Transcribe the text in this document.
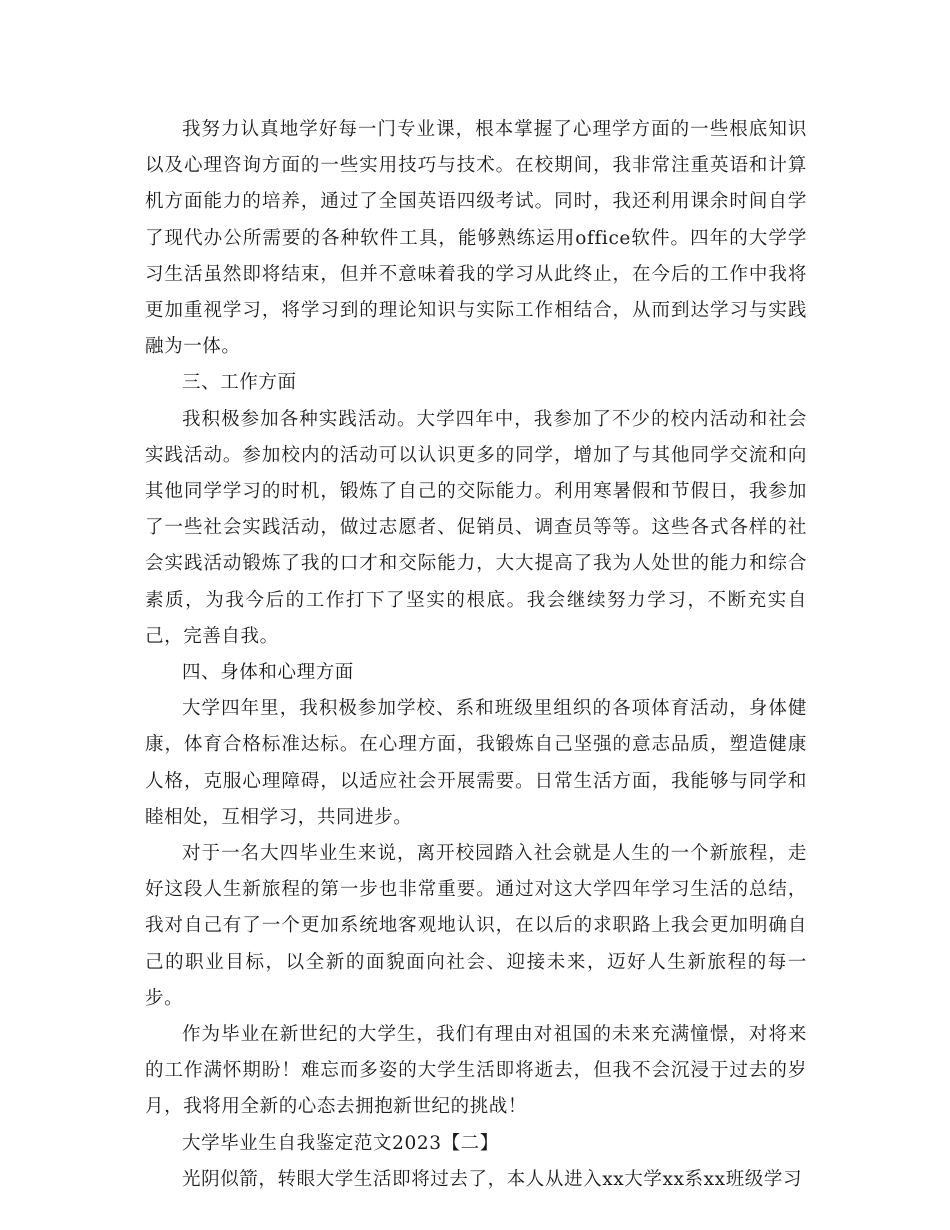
我努力认真地学好每一门专业课，根本掌握了心理学方面的一些根底知识以及心理咨询方面的一些实用技巧与技术。在校期间，我非常注重英语和计算机方面能力的培养，通过了全国英语四级考试。同时，我还利用课余时间自学了现代办公所需要的各种软件工具，能够熟练运用office软件。四年的大学学习生活虽然即将结束，但并不意味着我的学习从此终止，在今后的工作中我将更加重视学习，将学习到的理论知识与实际工作相结合，从而到达学习与实践融为一体。

三、工作方面

我积极参加各种实践活动。大学四年中，我参加了不少的校内活动和社会实践活动。参加校内的活动可以认识更多的同学，增加了与其他同学交流和向其他同学学习的时机，锻炼了自己的交际能力。利用寒暑假和节假日，我参加了一些社会实践活动，做过志愿者、促销员、调查员等等。这些各式各样的社会实践活动锻炼了我的口才和交际能力，大大提高了我为人处世的能力和综合素质，为我今后的工作打下了坚实的根底。我会继续努力学习，不断充实自己，完善自我。

四、身体和心理方面

大学四年里，我积极参加学校、系和班级里组织的各项体育活动，身体健康，体育合格标准达标。在心理方面，我锻炼自己坚强的意志品质，塑造健康人格，克服心理障碍，以适应社会开展需要。日常生活方面，我能够与同学和睦相处，互相学习，共同进步。

对于一名大四毕业生来说，离开校园踏入社会就是人生的一个新旅程，走好这段人生新旅程的第一步也非常重要。通过对这大学四年学习生活的总结，我对自己有了一个更加系统地客观地认识，在以后的求职路上我会更加明确自己的职业目标，以全新的面貌面向社会、迎接未来，迈好人生新旅程的每一步。

作为毕业在新世纪的大学生，我们有理由对祖国的未来充满憧憬，对将来的工作满怀期盼！难忘而多姿的大学生活即将逝去，但我不会沉浸于过去的岁月，我将用全新的心态去拥抱新世纪的挑战！

大学毕业生自我鉴定范文2023【二】

光阴似箭，转眼大学生活即将过去了，本人从进入xx大学xx系xx班级学习
